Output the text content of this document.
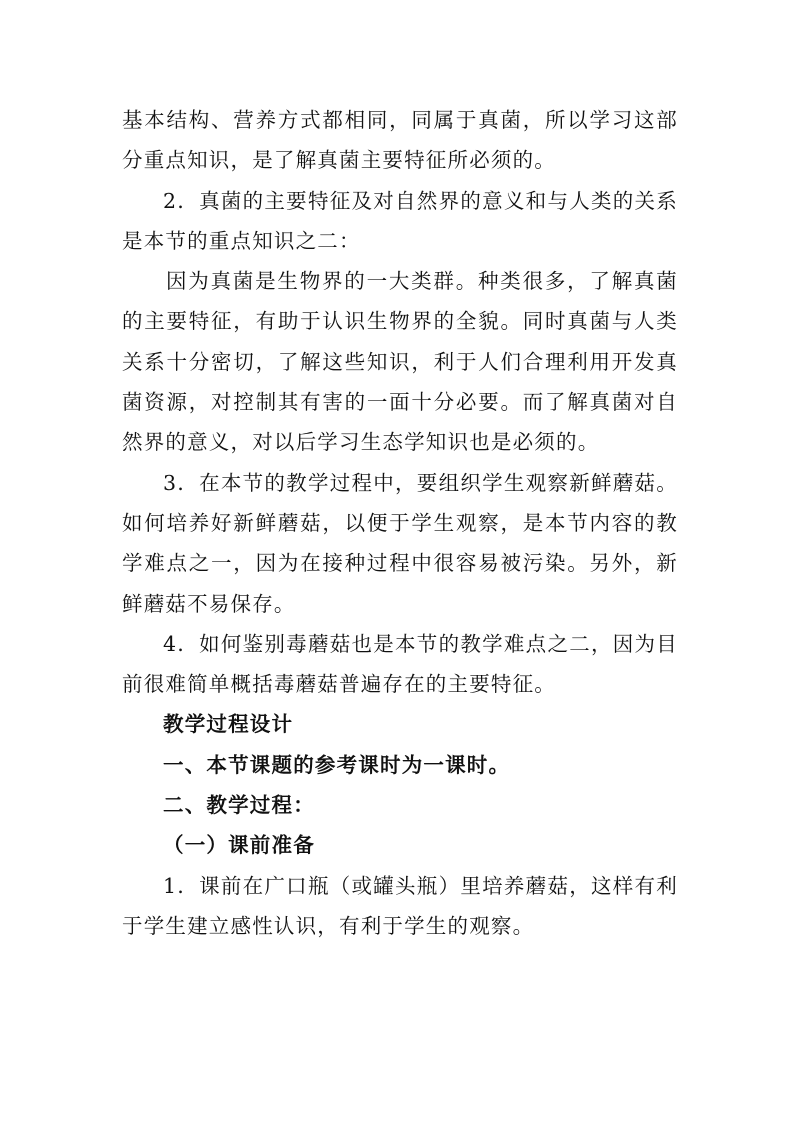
基本结构、营养方式都相同，同属于真菌，所以学习这部分重点知识，是了解真菌主要特征所必须的。

2．真菌的主要特征及对自然界的意义和与人类的关系是本节的重点知识之二：

因为真菌是生物界的一大类群。种类很多，了解真菌的主要特征，有助于认识生物界的全貌。同时真菌与人类关系十分密切，了解这些知识，利于人们合理利用开发真菌资源，对控制其有害的一面十分必要。而了解真菌对自然界的意义，对以后学习生态学知识也是必须的。

3．在本节的教学过程中，要组织学生观察新鲜蘑菇。如何培养好新鲜蘑菇，以便于学生观察，是本节内容的教学难点之一，因为在接种过程中很容易被污染。另外，新鲜蘑菇不易保存。

4．如何鉴别毒蘑菇也是本节的教学难点之二，因为目前很难简单概括毒蘑菇普遍存在的主要特征。

教学过程设计

一、本节课题的参考课时为一课时。

二、教学过程：

（一）课前准备

1．课前在广口瓶（或罐头瓶）里培养蘑菇，这样有利于学生建立感性认识，有利于学生的观察。
